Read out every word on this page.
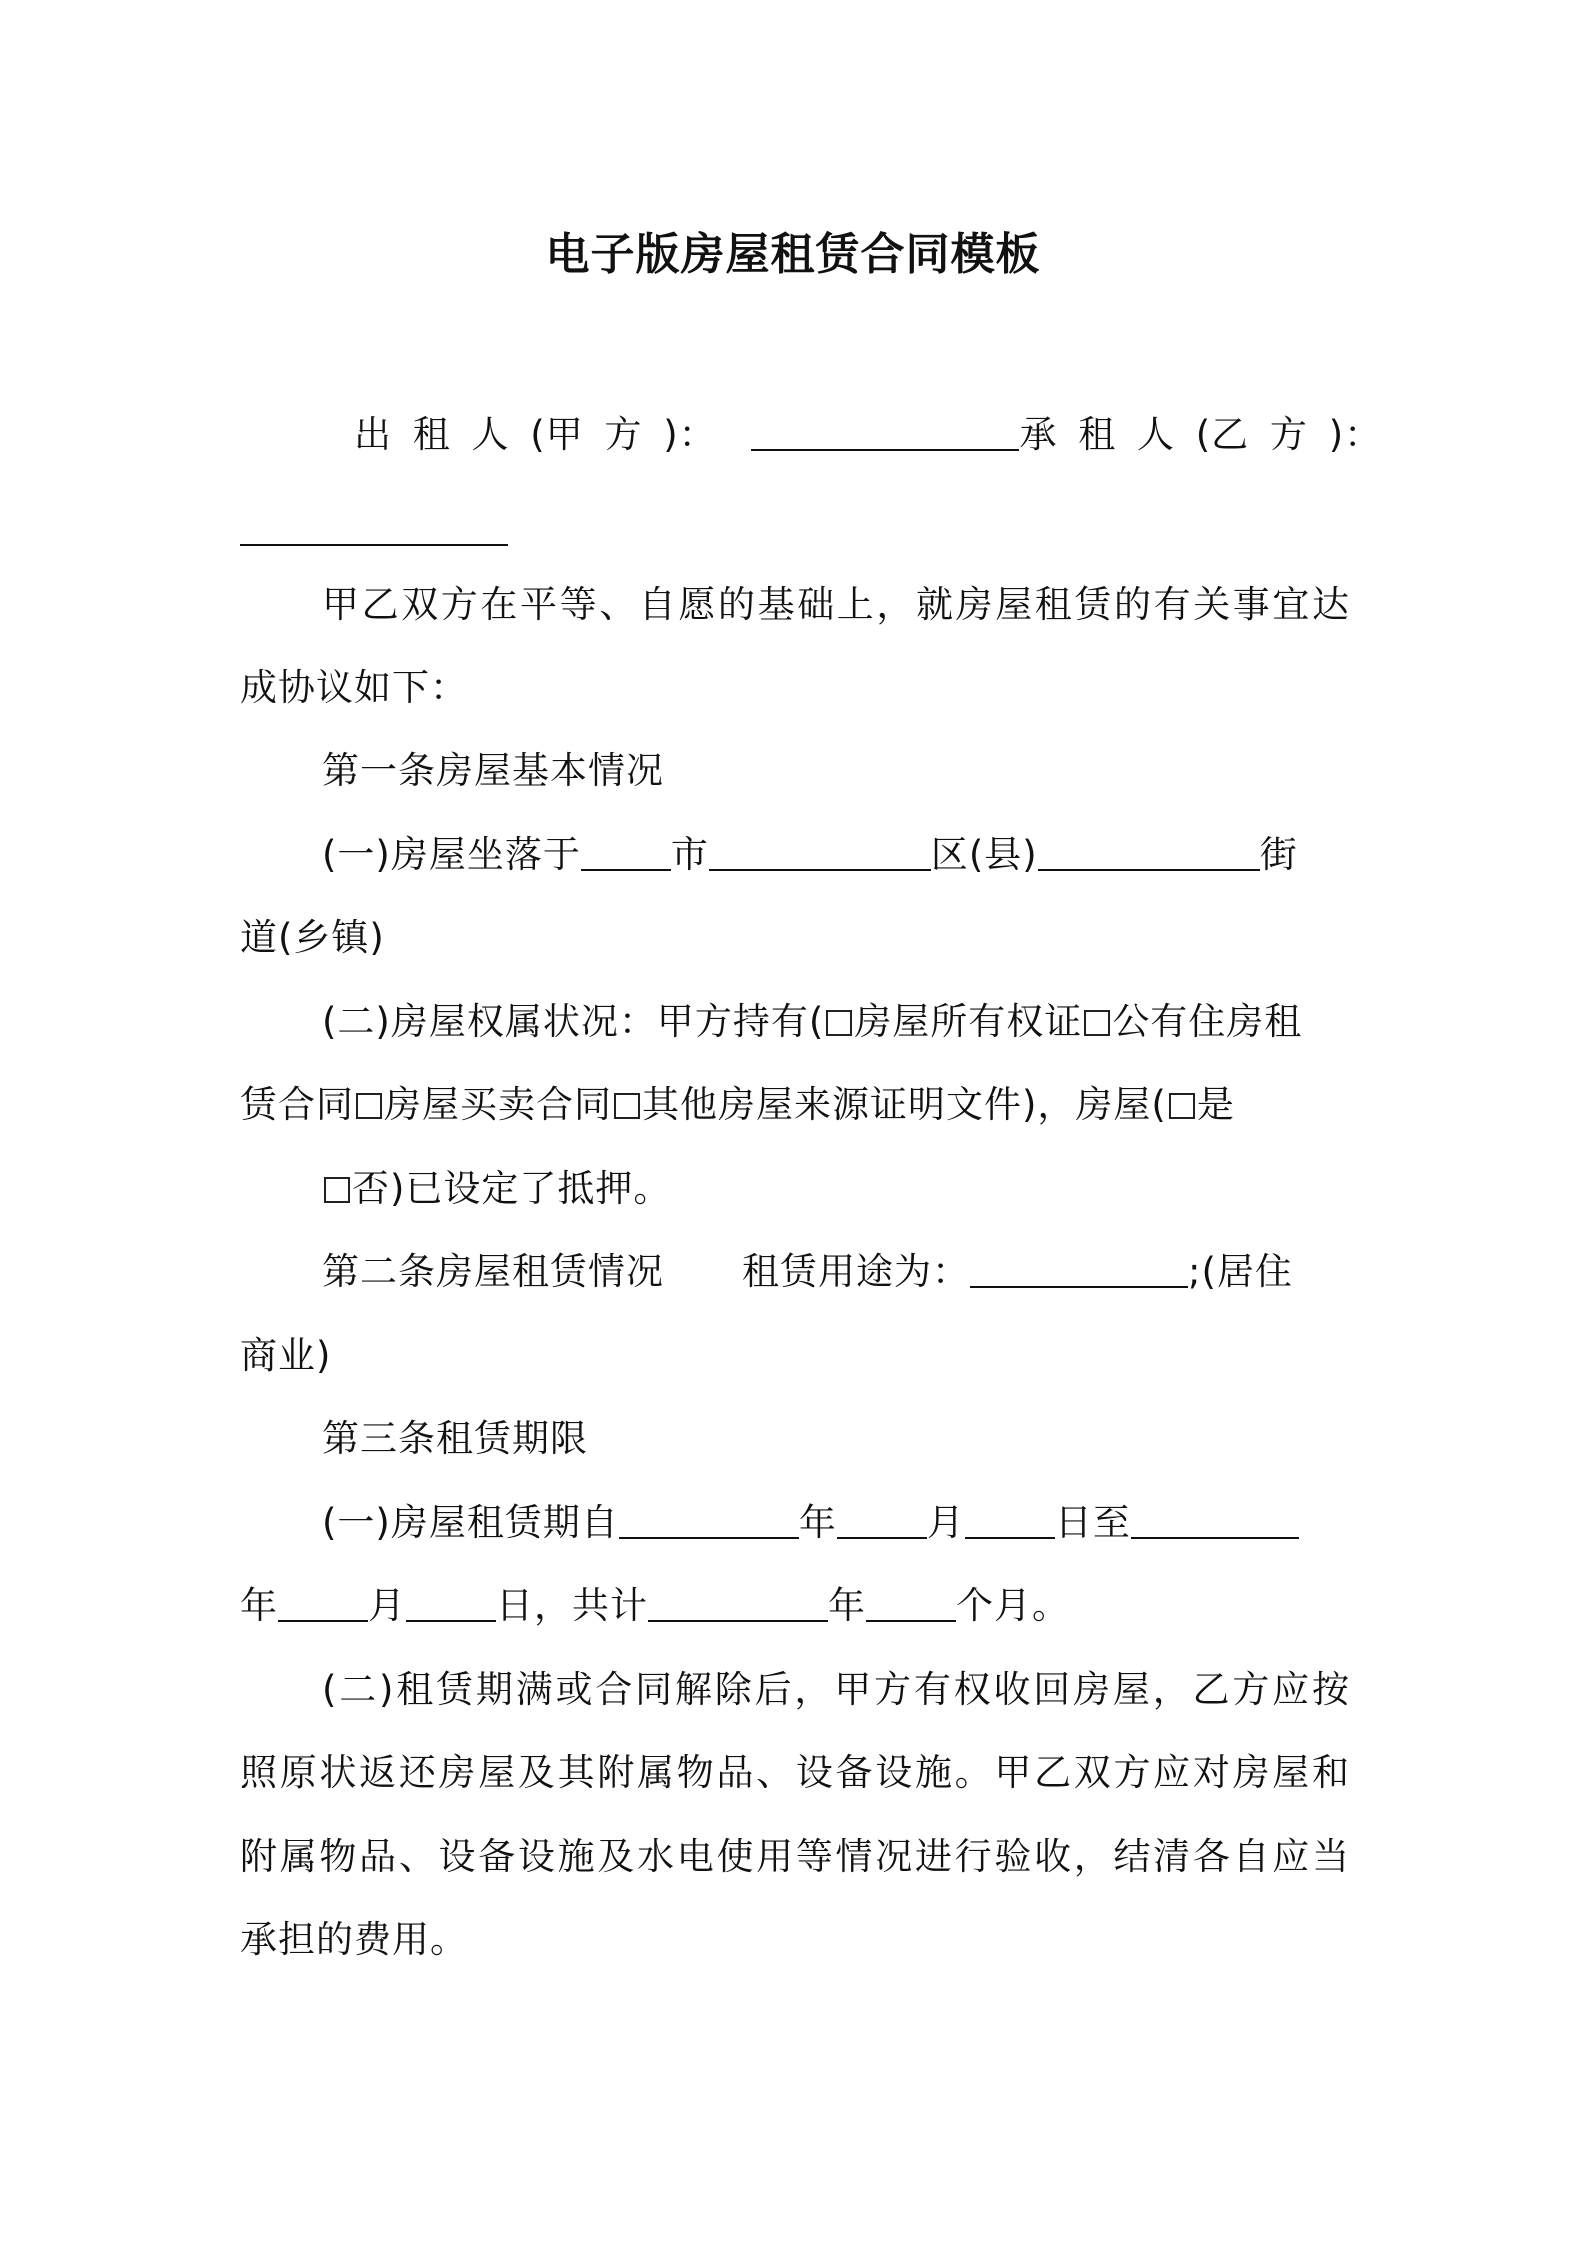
电子版房屋租赁合同模板
出 租 人 (甲 方 )：	承 租 人 (乙 方 )：
甲乙双方在平等、自愿的基础上，就房屋租赁的有关事宜达
成协议如下：
第一条房屋基本情况
(一)房屋坐落于 市	区(县)	街
道(乡镇)
(二)房屋权属状况：甲方持有( 房屋所有权证 公有住房租
赁合同 房屋买卖合同 其他房屋来源证明文件)，房屋( 是
否)已设定了抵押。
第二条房屋租赁情况 租赁用途为：	;(居住
商业)
第三条租赁期限
(一)房屋租赁期自	年 月 日至
年 月 日，共计	年 个月。
(二)租赁期满或合同解除后，甲方有权收回房屋，乙方应按
照原状返还房屋及其附属物品、设备设施。甲乙双方应对房屋和
附属物品、设备设施及水电使用等情况进行验收，结清各自应当
承担的费用。
